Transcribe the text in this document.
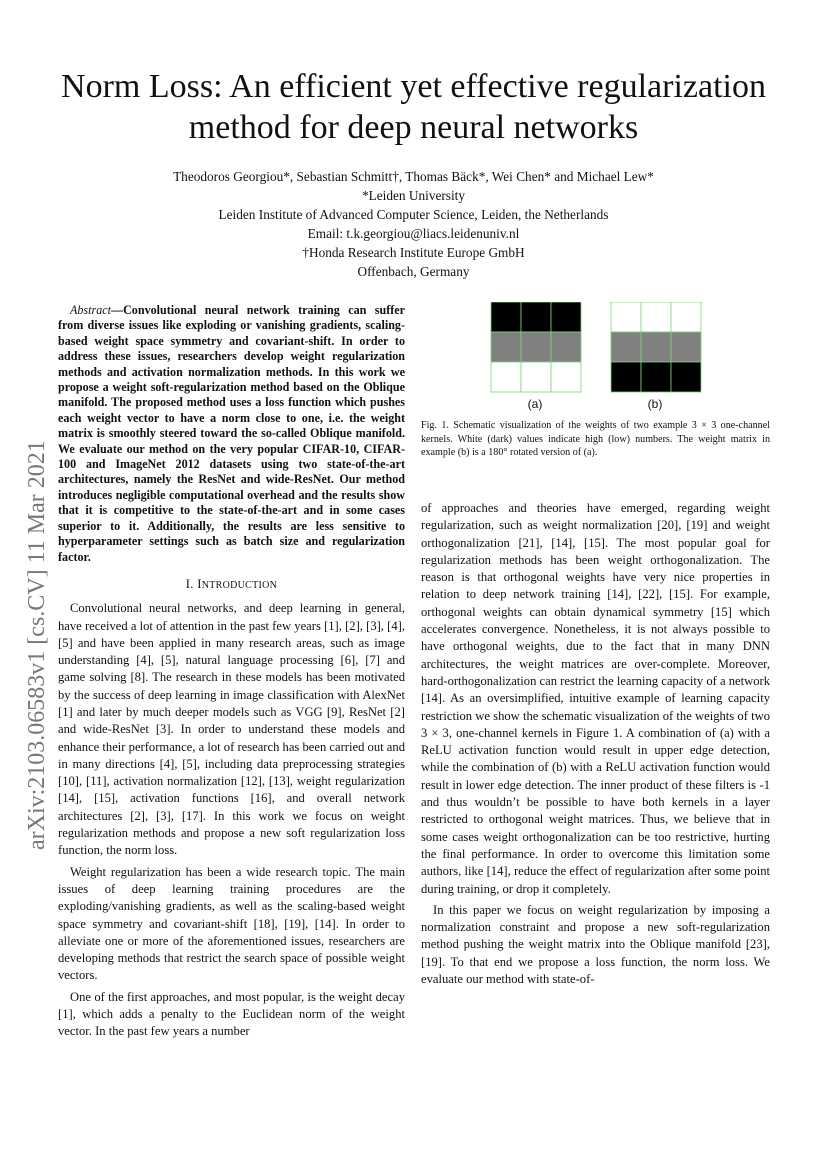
arXiv:2103.06583v1 [cs.CV] 11 Mar 2021
Norm Loss: An efficient yet effective regularization
method for deep neural networks
Theodoros Georgiou*, Sebastian Schmitt†, Thomas Bäck*, Wei Chen* and Michael Lew*
*Leiden University
Leiden Institute of Advanced Computer Science, Leiden, the Netherlands
Email: t.k.georgiou@liacs.leidenuniv.nl
†Honda Research Institute Europe GmbH
Offenbach, Germany

Abstract—Convolutional neural network training can suffer from diverse issues like exploding or vanishing gradients, scaling-based weight space symmetry and covariant-shift. In order to address these issues, researchers develop weight regularization methods and activation normalization methods. In this work we propose a weight soft-regularization method based on the Oblique manifold. The proposed method uses a loss function which pushes each weight vector to have a norm close to one, i.e. the weight matrix is smoothly steered toward the so-called Oblique manifold. We evaluate our method on the very popular CIFAR-10, CIFAR-100 and ImageNet 2012 datasets using two state-of-the-art architectures, namely the ResNet and wide-ResNet. Our method introduces negligible computational overhead and the results show that it is competitive to the state-of-the-art and in some cases superior to it. Additionally, the results are less sensitive to hyperparameter settings such as batch size and regularization factor.

I. INTRODUCTION

Convolutional neural networks, and deep learning in general, have received a lot of attention in the past few years [1], [2], [3], [4], [5] and have been applied in many research areas, such as image understanding [4], [5], natural language processing [6], [7] and game solving [8]. The research in these models has been motivated by the success of deep learning in image classification with AlexNet [1] and later by much deeper models such as VGG [9], ResNet [2] and wide-ResNet [3]. In order to understand these models and enhance their performance, a lot of research has been carried out and in many directions [4], [5], including data preprocessing strategies [10], [11], activation normalization [12], [13], weight regularization [14], [15], activation functions [16], and overall network architectures [2], [3], [17]. In this work we focus on weight regularization methods and propose a new soft regularization loss function, the norm loss.

Weight regularization has been a wide research topic. The main issues of deep learning training procedures are the exploding/vanishing gradients, as well as the scaling-based weight space symmetry and covariant-shift [18], [19], [14]. In order to alleviate one or more of the aforementioned issues, researchers are developing methods that restrict the search space of possible weight vectors.

One of the first approaches, and most popular, is the weight decay [1], which adds a penalty to the Euclidean norm of the weight vector. In the past few years a number

(a)	(b)
Fig. 1. Schematic visualization of the weights of two example 3 × 3 one-channel kernels. White (dark) values indicate high (low) numbers. The weight matrix in example (b) is a 180° rotated version of (a).

of approaches and theories have emerged, regarding weight regularization, such as weight normalization [20], [19] and weight orthogonalization [21], [14], [15]. The most popular goal for regularization methods has been weight orthogonalization. The reason is that orthogonal weights have very nice properties in relation to deep network training [14], [22], [15]. For example, orthogonal weights can obtain dynamical symmetry [15] which accelerates convergence. Nonetheless, it is not always possible to have orthogonal weights, due to the fact that in many DNN architectures, the weight matrices are over-complete. Moreover, hard-orthogonalization can restrict the learning capacity of a network [14]. As an oversimplified, intuitive example of learning capacity restriction we show the schematic visualization of the weights of two 3 × 3, one-channel kernels in Figure 1. A combination of (a) with a ReLU activation function would result in upper edge detection, while the combination of (b) with a ReLU activation function would result in lower edge detection. The inner product of these filters is -1 and thus wouldn’t be possible to have both kernels in a layer restricted to orthogonal weight matrices. Thus, we believe that in some cases weight orthogonalization can be too restrictive, hurting the final performance. In order to overcome this limitation some authors, like [14], reduce the effect of regularization after some point during training, or drop it completely.

In this paper we focus on weight regularization by imposing a normalization constraint and propose a new soft-regularization method pushing the weight matrix into the Oblique manifold [23], [19]. To that end we propose a loss function, the norm loss. We evaluate our method with state-of-
